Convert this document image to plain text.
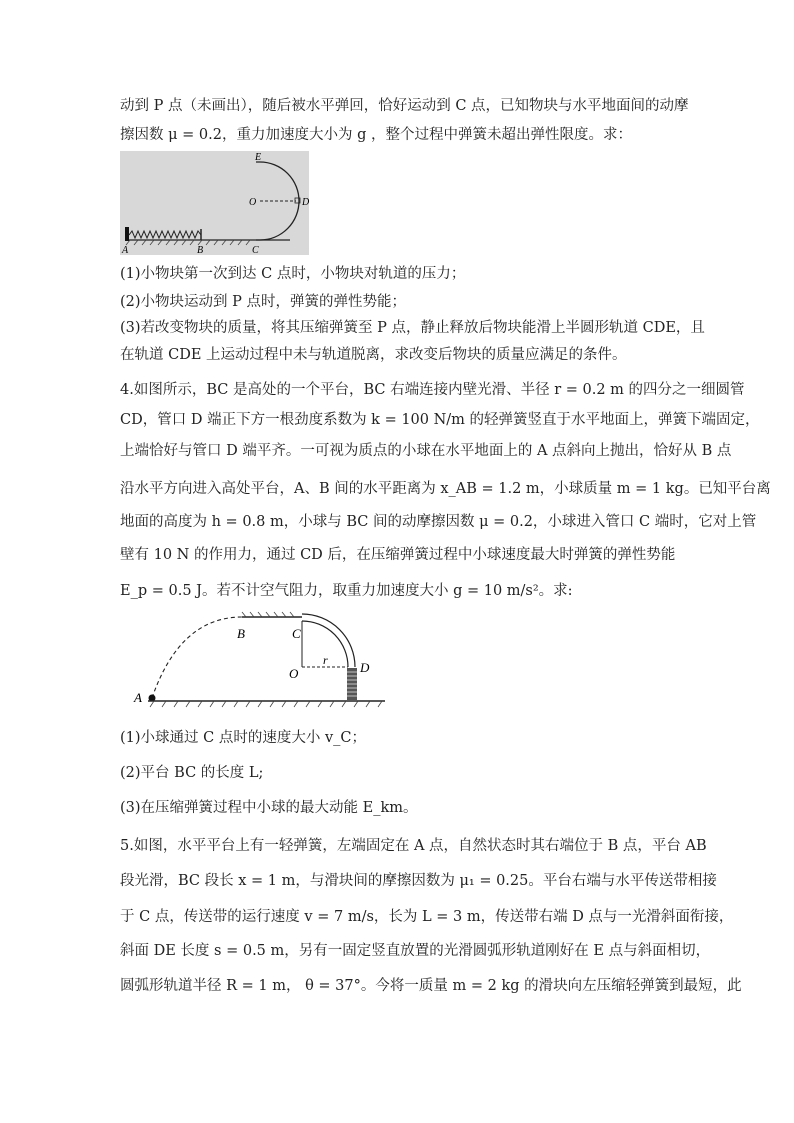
动到 P 点（未画出），随后被水平弹回，恰好运动到 C 点，已知物块与水平地面间的动摩
擦因数 μ = 0.2，重力加速度大小为 g ，整个过程中弹簧未超出弹性限度。求：
E
O	D
A	B	C
(1)小物块第一次到达 C 点时，小物块对轨道的压力；
(2)小物块运动到 P 点时，弹簧的弹性势能；
(3)若改变物块的质量，将其压缩弹簧至 P 点，静止释放后物块能滑上半圆形轨道 CDE，且
在轨道 CDE 上运动过程中未与轨道脱离，求改变后物块的质量应满足的条件。
4.如图所示，BC 是高处的一个平台，BC 右端连接内壁光滑、半径 r = 0.2 m 的四分之一细圆管
CD，管口 D 端正下方一根劲度系数为 k = 100 N/m 的轻弹簧竖直于水平地面上，弹簧下端固定，
上端恰好与管口 D 端平齐。一可视为质点的小球在水平地面上的 A 点斜向上抛出，恰好从 B 点
沿水平方向进入高处平台，A、B 间的水平距离为 x_AB = 1.2 m，小球质量 m = 1 kg。已知平台离
地面的高度为 h = 0.8 m，小球与 BC 间的动摩擦因数 μ = 0.2，小球进入管口 C 端时，它对上管
壁有 10 N 的作用力，通过 CD 后，在压缩弹簧过程中小球速度最大时弹簧的弹性势能
E_p = 0.5 J。若不计空气阻力，取重力加速度大小 g = 10 m/s²。求:
B	C
O
r D
A
(1)小球通过 C 点时的速度大小 v_C；
(2)平台 BC 的长度 L;
(3)在压缩弹簧过程中小球的最大动能 E_km。
5.如图，水平平台上有一轻弹簧，左端固定在 A 点，自然状态时其右端位于 B 点，平台 AB
段光滑，BC 段长 x = 1 m，与滑块间的摩擦因数为 μ₁ = 0.25。平台右端与水平传送带相接
于 C 点，传送带的运行速度 v = 7 m/s，长为 L = 3 m，传送带右端 D 点与一光滑斜面衔接，
斜面 DE 长度 s = 0.5 m，另有一固定竖直放置的光滑圆弧形轨道刚好在 E 点与斜面相切，
圆弧形轨道半径 R = 1 m， θ = 37°。今将一质量 m = 2 kg 的滑块向左压缩轻弹簧到最短，此
